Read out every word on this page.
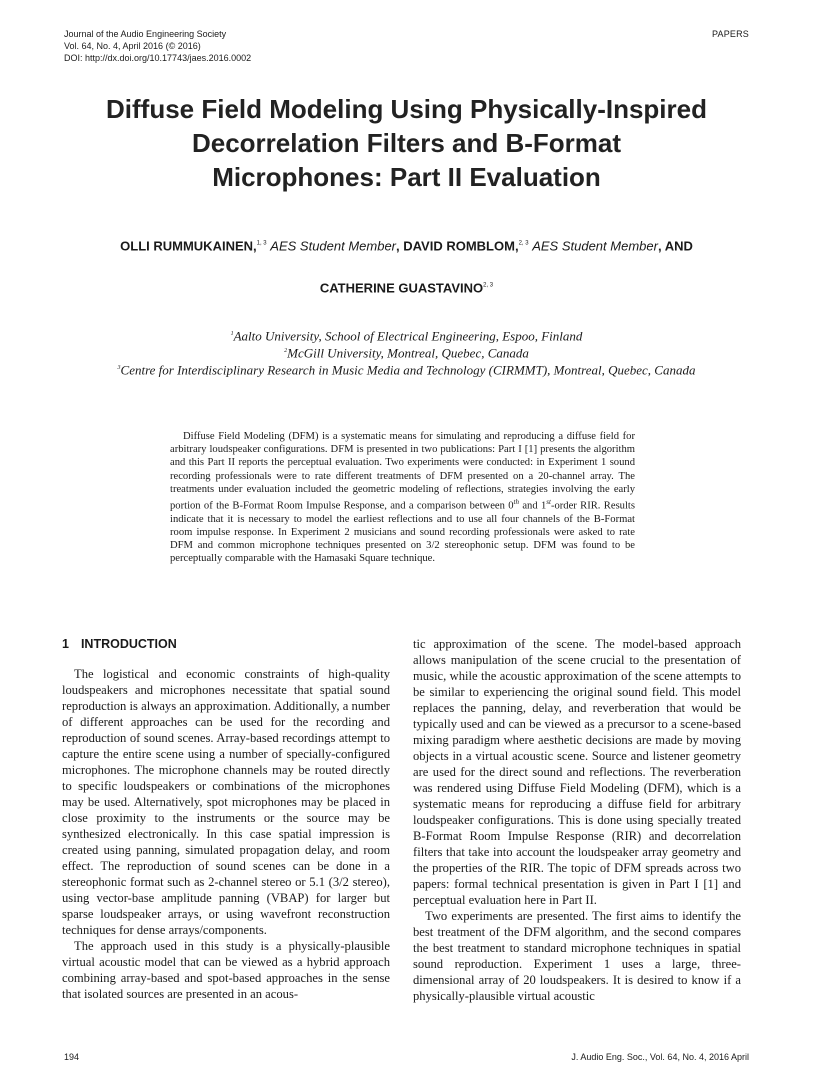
Journal of the Audio Engineering Society
Vol. 64, No. 4, April 2016 (© 2016)
DOI: http://dx.doi.org/10.17743/jaes.2016.0002
PAPERS
Diffuse Field Modeling Using Physically-Inspired
Decorrelation Filters and B-Format
Microphones: Part II Evaluation
OLLI RUMMUKAINEN,$^{1, 3}$ AES Student Member, DAVID ROMBLOM,$^{2, 3}$ AES Student Member, AND
CATHERINE GUASTAVINO$^{2, 3}$
$^1$Aalto University, School of Electrical Engineering, Espoo, Finland
$^2$McGill University, Montreal, Quebec, Canada
$^3$Centre for Interdisciplinary Research in Music Media and Technology (CIRMMT), Montreal, Quebec, Canada

Diffuse Field Modeling (DFM) is a systematic means for simulating and reproducing a diffuse field for arbitrary loudspeaker configurations. DFM is presented in two publications: Part I [1] presents the algorithm and this Part II reports the perceptual evaluation. Two experiments were conducted: in Experiment 1 sound recording professionals were to rate different treatments of DFM presented on a 20-channel array. The treatments under evaluation included the geometric modeling of reflections, strategies involving the early portion of the B-Format Room Impulse Response, and a comparison between 0th and 1st-order RIR. Results indicate that it is necessary to model the earliest reflections and to use all four channels of the B-Format room impulse response. In Experiment 2 musicians and sound recording professionals were asked to rate DFM and common microphone techniques presented on 3/2 stereophonic setup. DFM was found to be perceptually comparable with the Hamasaki Square technique.

1 INTRODUCTION

The logistical and economic constraints of high-quality loudspeakers and microphones necessitate that spatial sound reproduction is always an approximation. Additionally, a number of different approaches can be used for the recording and reproduction of sound scenes. Array-based recordings attempt to capture the entire scene using a number of specially-configured microphones. The microphone channels may be routed directly to specific loudspeakers or combinations of the microphones may be used. Alternatively, spot microphones may be placed in close proximity to the instruments or the source may be synthesized electronically. In this case spatial impression is created using panning, simulated propagation delay, and room effect. The reproduction of sound scenes can be done in a stereophonic format such as 2-channel stereo or 5.1 (3/2 stereo), using vector-base amplitude panning (VBAP) for larger but sparse loudspeaker arrays, or using wavefront reconstruction techniques for dense arrays/components.

The approach used in this study is a physically-plausible virtual acoustic model that can be viewed as a hybrid approach combining array-based and spot-based approaches in the sense that isolated sources are presented in an acous-

tic approximation of the scene. The model-based approach allows manipulation of the scene crucial to the presentation of music, while the acoustic approximation of the scene attempts to be similar to experiencing the original sound field. This model replaces the panning, delay, and reverberation that would be typically used and can be viewed as a precursor to a scene-based mixing paradigm where aesthetic decisions are made by moving objects in a virtual acoustic scene. Source and listener geometry are used for the direct sound and reflections. The reverberation was rendered using Diffuse Field Modeling (DFM), which is a systematic means for reproducing a diffuse field for arbitrary loudspeaker configurations. This is done using specially treated B-Format Room Impulse Response (RIR) and decorrelation filters that take into account the loudspeaker array geometry and the properties of the RIR. The topic of DFM spreads across two papers: formal technical presentation is given in Part I [1] and perceptual evaluation here in Part II.

Two experiments are presented. The first aims to identify the best treatment of the DFM algorithm, and the second compares the best treatment to standard microphone techniques in spatial sound reproduction. Experiment 1 uses a large, three-dimensional array of 20 loudspeakers. It is desired to know if a physically-plausible virtual acoustic

194	J. Audio Eng. Soc., Vol. 64, No. 4, 2016 April
